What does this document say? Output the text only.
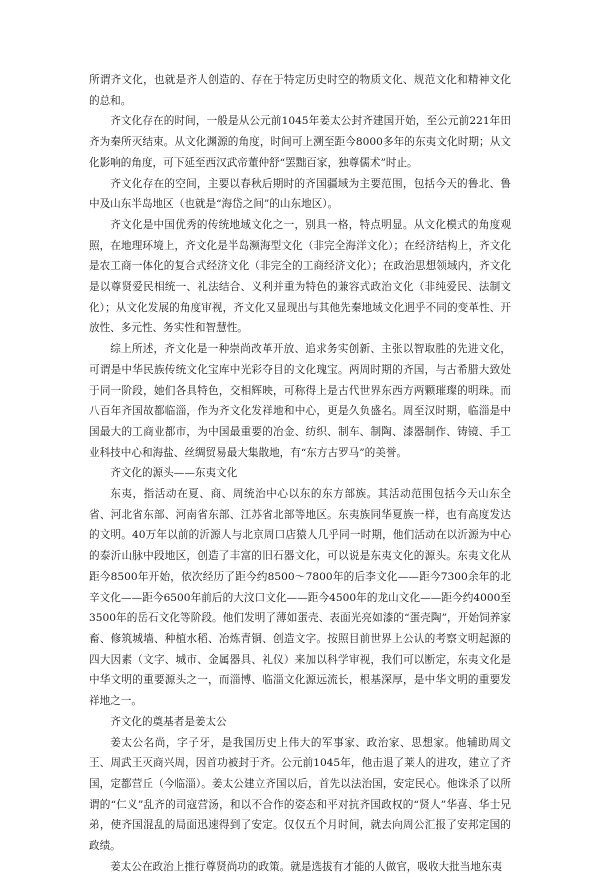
所谓齐文化，也就是齐人创造的、存在于特定历史时空的物质文化、规范文化和精神文化的总和。

齐文化存在的时间，一般是从公元前1045年姜太公封齐建国开始，至公元前221年田齐为秦所灭结束。从文化渊源的角度，时间可上溯至距今8000多年的东夷文化时期；从文化影响的角度，可下延至西汉武帝董仲舒“罢黜百家，独尊儒术”时止。

齐文化存在的空间，主要以春秋后期时的齐国疆域为主要范围，包括今天的鲁北、鲁中及山东半岛地区（也就是“海岱之间”的山东地区）。

齐文化是中国优秀的传统地域文化之一，别具一格，特点明显。从文化模式的角度观照，在地理环境上，齐文化是半岛濒海型文化（非完全海洋文化）；在经济结构上，齐文化是农工商一体化的复合式经济文化（非完全的工商经济文化）；在政治思想领域内，齐文化是以尊贤爱民相统一、礼法结合、义利并重为特色的兼容式政治文化（非纯爱民、法制文化）；从文化发展的角度审视，齐文化又显现出与其他先秦地域文化迥乎不同的变革性、开放性、多元性、务实性和智慧性。

综上所述，齐文化是一种崇尚改革开放、追求务实创新、主张以智取胜的先进文化，可谓是中华民族传统文化宝库中光彩夺目的文化瑰宝。两周时期的齐国，与古希腊大致处于同一阶段，她们各具特色，交相辉映，可称得上是古代世界东西方两颗璀璨的明珠。而八百年齐国故都临淄，作为齐文化发祥地和中心，更是久负盛名。周至汉时期，临淄是中国最大的工商业都市，为中国最重要的冶金、纺织、制车、制陶、漆器制作、铸镜、手工业科技中心和海盐、丝绸贸易最大集散地，有“东方古罗马”的美誉。

齐文化的源头——东夷文化

东夷，指活动在夏、商、周统治中心以东的东方部族。其活动范围包括今天山东全省、河北省东部、河南省东部、江苏省北部等地区。东夷族同华夏族一样，也有高度发达的文明。40万年以前的沂源人与北京周口店猿人几乎同一时期，他们活动在以沂源为中心的泰沂山脉中段地区，创造了丰富的旧石器文化，可以说是东夷文化的源头。东夷文化从距今8500年开始，依次经历了距今约8500～7800年的后李文化——距今7300余年的北辛文化——距今6500年前后的大汶口文化——距今4500年的龙山文化——距今约4000至3500年的岳石文化等阶段。他们发明了薄如蛋壳、表面光亮如漆的“蛋壳陶”，开始饲养家畜、修筑城墙、种植水稻、冶炼青铜、创造文字。按照目前世界上公认的考察文明起源的四大因素（文字、城市、金属器具、礼仪）来加以科学审视，我们可以断定，东夷文化是中华文明的重要源头之一，而淄博、临淄文化源远流长，根基深厚，是中华文明的重要发祥地之一。

齐文化的奠基者是姜太公

姜太公名尚，字子牙，是我国历史上伟大的军事家、政治家、思想家。他辅助周文王、周武王灭商兴周，因首功被封于齐。公元前1045年，他击退了莱人的进攻，建立了齐国，定都营丘（今临淄）。姜太公建立齐国以后，首先以法治国，安定民心。他诛杀了以所谓的“仁义”乱齐的司寇营汤，和以不合作的姿态和平对抗齐国政权的“贤人”华喜、华士兄弟，使齐国混乱的局面迅速得到了安定。仅仅五个月时间，就去向周公汇报了安邦定国的政绩。

姜太公在政治上推行尊贤尚功的政策。就是选拔有才能的人做官，吸收大批当地东夷
